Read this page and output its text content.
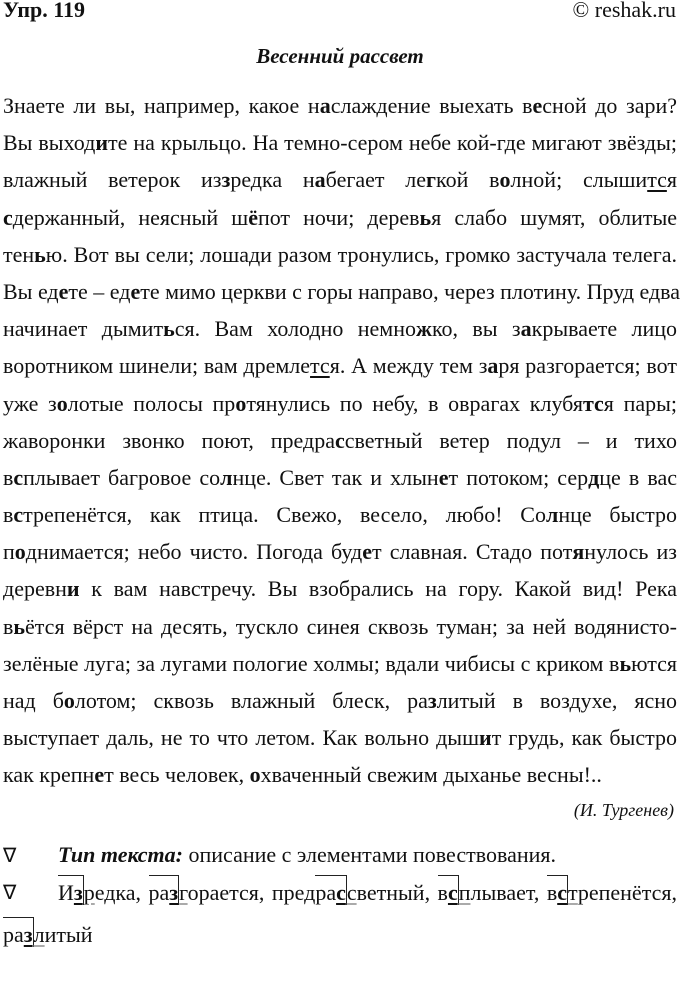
Упр. 119	© reshak.ru
Весенний рассвет
Знаете ли вы, например, какое наслаждение выехать весной до зари?
Вы выходите на крыльцо. На темно-сером небе кой-где мигают звёзды;
влажный ветерок иззредка набегает легкой волной; слышится
сдержанный, неясный шёпот ночи; деревья слабо шумят, облитые
тенью. Вот вы сели; лошади разом тронулись, громко застучала телега.
Вы едете – едете мимо церкви с горы направо, через плотину. Пруд едва
начинает дымиться. Вам холодно немножко, вы закрываете лицо
воротником шинели; вам дремлется. А между тем заря разгорается; вот
уже золотые полосы протянулись по небу, в оврагах клубятся пары;
жаворонки звонко поют, предрассветный ветер подул – и тихо
всплывает багровое солнце. Свет так и хлынет потоком; сердце в вас
встрепенётся, как птица. Свежо, весело, любо! Солнце быстро
поднимается; небо чисто. Погода будет славная. Стадо потянулось из
деревни к вам навстречу. Вы взобрались на гору. Какой вид! Река
вьётся вёрст на десять, тускло синея сквозь туман; за ней водянисто-
зелёные луга; за лугами пологие холмы; вдали чибисы с криком вьются
над болотом; сквозь влажный блеск, разлитый в воздухе, ясно
выступает даль, не то что летом. Как вольно дышит грудь, как быстро
как крепнет весь человек, охваченный свежим дыханье весны!..
(И. Тургенев)
∇ Тип текста: описание с элементами повествования.
∇	Изредка, разгорается, предрассветный, всплывает, встрепенётся,
разлитый
